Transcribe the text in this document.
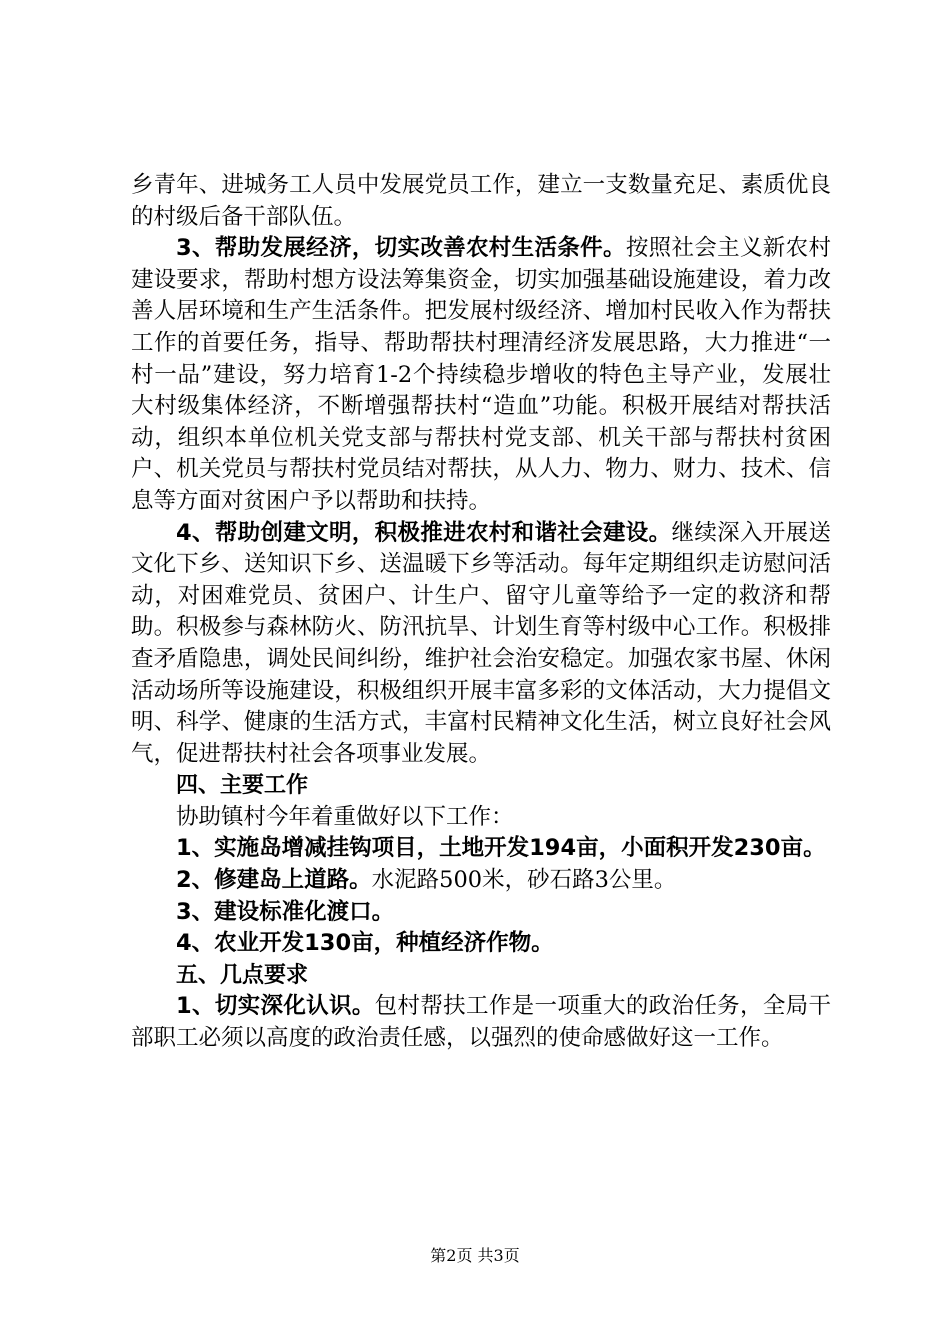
乡青年、进城务工人员中发展党员工作，建立一支数量充足、素质优良的村级后备干部队伍。

3、帮助发展经济，切实改善农村生活条件。按照社会主义新农村建设要求，帮助村想方设法筹集资金，切实加强基础设施建设，着力改善人居环境和生产生活条件。把发展村级经济、增加村民收入作为帮扶工作的首要任务，指导、帮助帮扶村理清经济发展思路，大力推进“一村一品”建设，努力培育1-2个持续稳步增收的特色主导产业，发展壮大村级集体经济，不断增强帮扶村“造血”功能。积极开展结对帮扶活动，组织本单位机关党支部与帮扶村党支部、机关干部与帮扶村贫困户、机关党员与帮扶村党员结对帮扶，从人力、物力、财力、技术、信息等方面对贫困户予以帮助和扶持。

4、帮助创建文明，积极推进农村和谐社会建设。继续深入开展送文化下乡、送知识下乡、送温暖下乡等活动。每年定期组织走访慰问活动，对困难党员、贫困户、计生户、留守儿童等给予一定的救济和帮助。积极参与森林防火、防汛抗旱、计划生育等村级中心工作。积极排查矛盾隐患，调处民间纠纷，维护社会治安稳定。加强农家书屋、休闲活动场所等设施建设，积极组织开展丰富多彩的文体活动，大力提倡文明、科学、健康的生活方式，丰富村民精神文化生活，树立良好社会风气，促进帮扶村社会各项事业发展。

四、主要工作

协助镇村今年着重做好以下工作：

1、实施岛增减挂钩项目，土地开发194亩，小面积开发230亩。

2、修建岛上道路。水泥路500米，砂石路3公里。

3、建设标准化渡口。

4、农业开发130亩，种植经济作物。

五、几点要求

1、切实深化认识。包村帮扶工作是一项重大的政治任务，全局干部职工必须以高度的政治责任感，以强烈的使命感做好这一工作。

第2页 共3页
